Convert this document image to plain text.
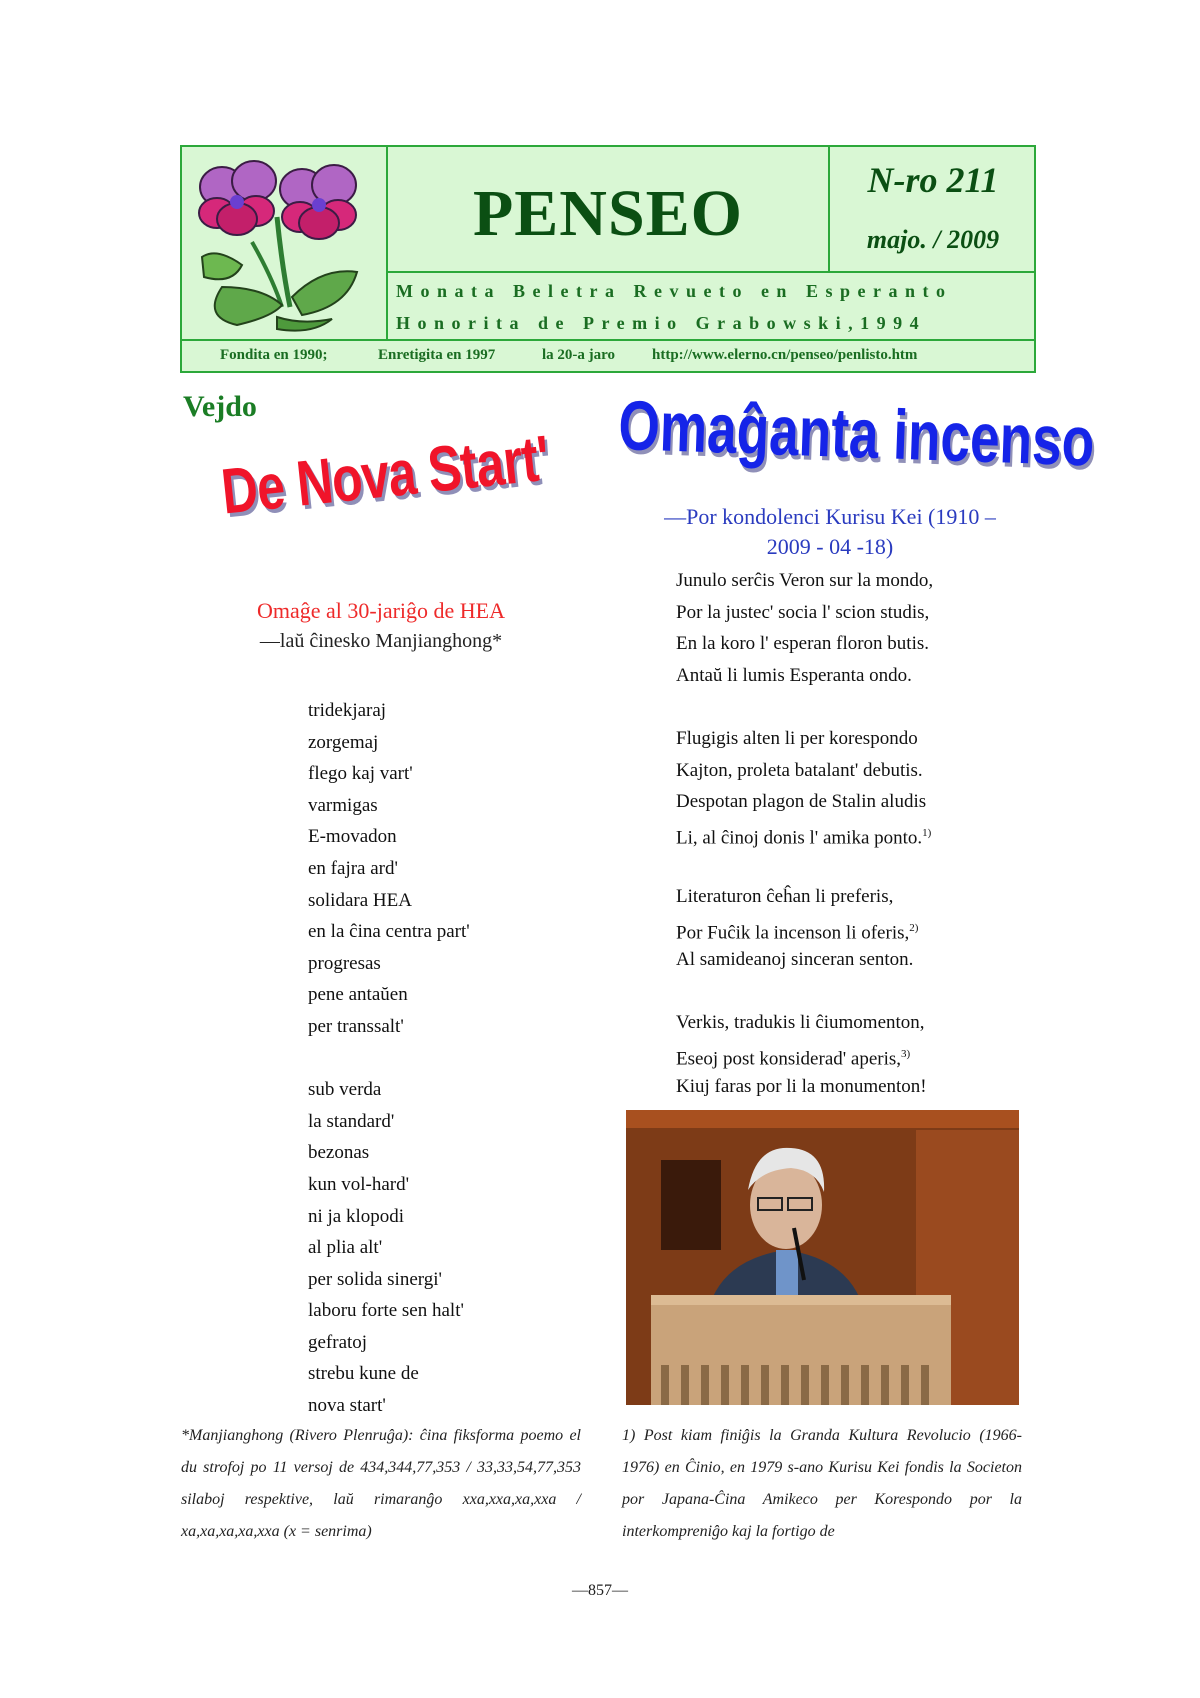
PENSEO	N-ro 211
majo. / 2009
Monata Beletra Revueto en Esperanto
Honorita de Premio Grabowski,1994
Fondita en 1990;	Enretigita en 1997	la 20-a jaro http://www.elerno.cn/penseo/penlisto.htm
Vejdo
De Nova Start'
Omaĝe al 30-jariĝo de HEA
—laŭ ĉinesko Manjianghong*
tridekjaraj
zorgemaj
flego kaj vart'
varmigas
E-movadon
en fajra ard'
solidara HEA
en la ĉina centra part'
progresas
pene antaŭen
per transsalt'
sub verda
la standard'
bezonas
kun vol-hard'
ni ja klopodi
al plia alt'
per solida sinergi'
laboru forte sen halt'
gefratoj
strebu kune de
nova start'
*Manjianghong (Rivero Plenruĝa): ĉina fiksforma poemo el du strofoj po 11 versoj de 434,344,77,353 / 33,33,54,77,353 silaboj respektive, laŭ rimaranĝo xxa,xxa,xa,xxa / xa,xa,xa,xa,xxa (x = senrima)
Omaĝanta incenso
—Por kondolenci Kurisu Kei (1910 – 2009 - 04 -18)
Junulo serĉis Veron sur la mondo,
Por la justec' socia l' scion studis,
En la koro l' esperan floron butis.
Antaŭ li lumis Esperanta ondo.
Flugigis alten li per korespondo
Kajton, proleta batalant' debutis.
Despotan plagon de Stalin aludis
Li, al ĉinoj donis l' amika ponto.$^{1)}$
Literaturon ĉeĥan li preferis,
Por Fuĉik la incenson li oferis,$^{2)}$
Al samideanoj sinceran senton.
Verkis, tradukis li ĉiumomenton,
Eseoj post konsiderad' aperis,$^{3)}$
Kiuj faras por li la monumenton!
1) Post kiam finiĝis la Granda Kultura Revolucio (1966-1976) en Ĉinio, en 1979 s-ano Kurisu Kei fondis la Societon por Japana-Ĉina Amikeco per Korespondo por la interkompreniĝo kaj la fortigo de
—857—
